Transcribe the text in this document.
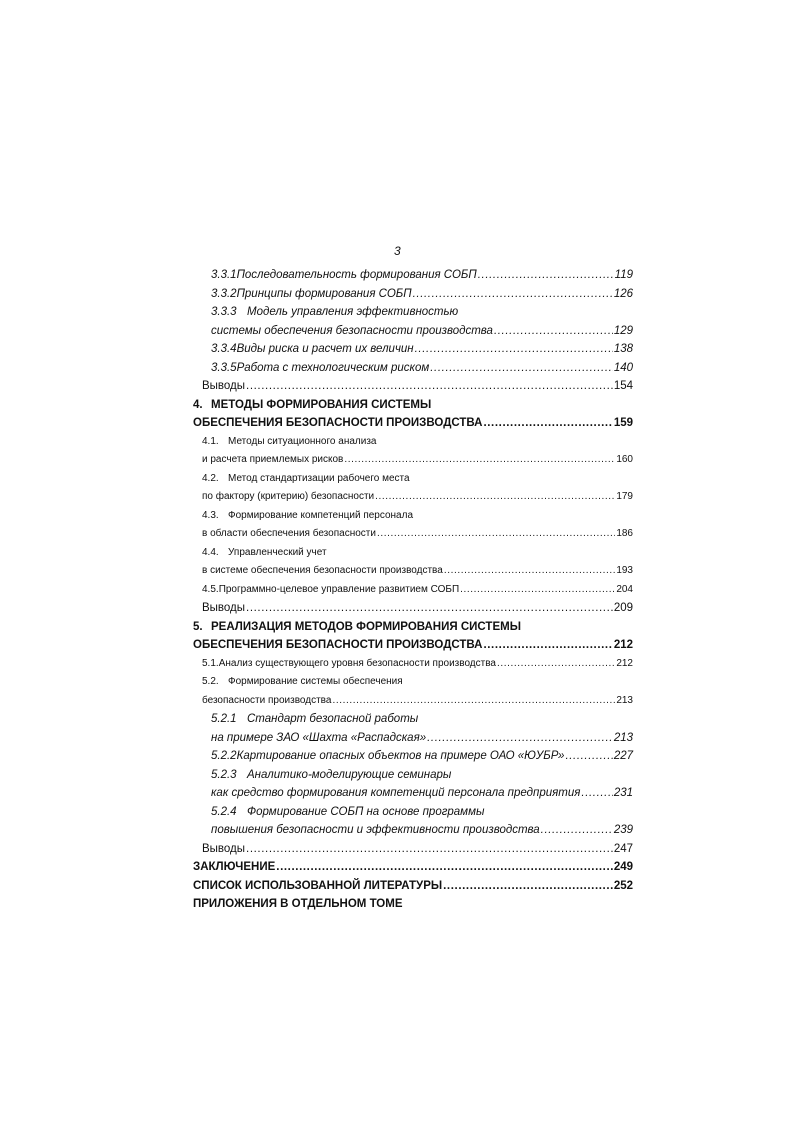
3
3.3.1 Последовательность формирования СОБП .....	119
3.3.2 Принципы формирования СОБП .....	126
3.3.3 Модель управления эффективностью
системы обеспечения безопасности производства .....	129
3.3.4 Виды риска и расчет их величин .....	138
3.3.5 Работа с технологическим риском .....	140
Выводы .....	154
4. МЕТОДЫ ФОРМИРОВАНИЯ СИСТЕМЫ
ОБЕСПЕЧЕНИЯ БЕЗОПАСНОСТИ ПРОИЗВОДСТВА .....	159
4.1. Методы ситуационного анализа
и расчета приемлемых рисков .....	160
4.2. Метод стандартизации рабочего места
по фактору (критерию) безопасности .....	179
4.3. Формирование компетенций персонала
в области обеспечения безопасности .....	186
4.4. Управленческий учет
в системе обеспечения безопасности производства .....	193
4.5. Программно-целевое управление развитием СОБП .....	204
Выводы .....	209
5. РЕАЛИЗАЦИЯ МЕТОДОВ ФОРМИРОВАНИЯ СИСТЕМЫ
ОБЕСПЕЧЕНИЯ БЕЗОПАСНОСТИ ПРОИЗВОДСТВА .....	212
5.1. Анализ существующего уровня безопасности производства .....	212
5.2. Формирование системы обеспечения
безопасности производства .....	213
5.2.1 Стандарт безопасной работы
на примере ЗАО «Шахта «Распадская» .....	213
5.2.2 Картирование опасных объектов на примере ОАО «ЮУБР» .....	227
5.2.3 Аналитико-моделирующие семинары
как средство формирования компетенций персонала предприятия .....	231
5.2.4 Формирование СОБП на основе программы
повышения безопасности и эффективности производства .....	239
Выводы .....	247
ЗАКЛЮЧЕНИЕ .....	249
СПИСОК ИСПОЛЬЗОВАННОЙ ЛИТЕРАТУРЫ .....	252
ПРИЛОЖЕНИЯ В ОТДЕЛЬНОМ ТОМЕ
